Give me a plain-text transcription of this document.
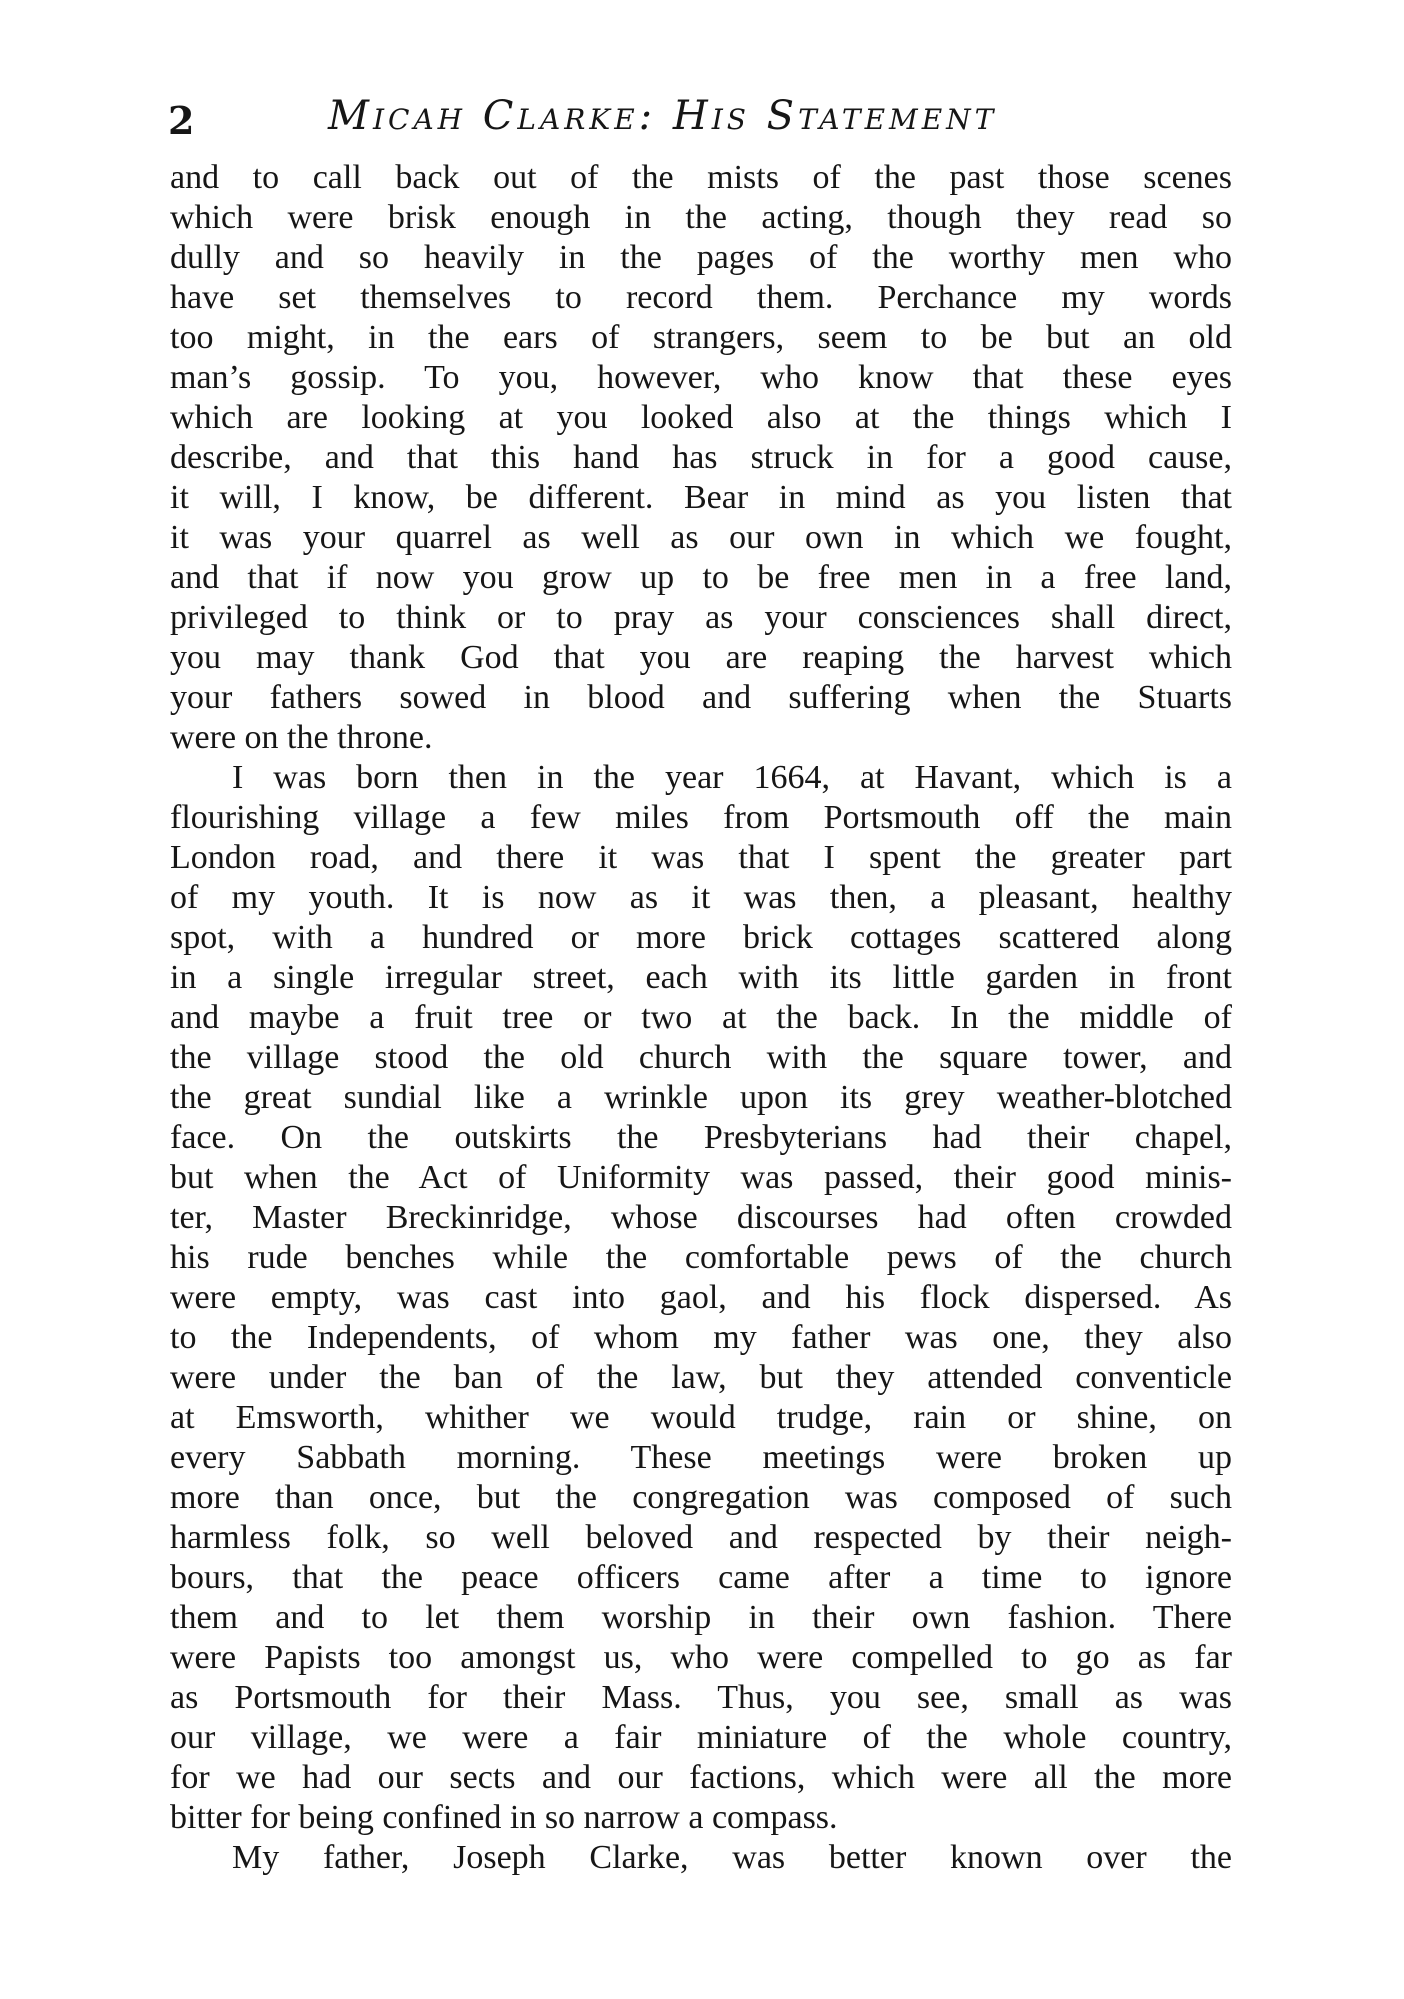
2	Micah Clarke: His Statement
and to call back out of the mists of the past those scenes
which were brisk enough in the acting, though they read so
dully and so heavily in the pages of the worthy men who
have set themselves to record them. Perchance my words
too might, in the ears of strangers, seem to be but an old
man’s gossip. To you, however, who know that these eyes
which are looking at you looked also at the things which I
describe, and that this hand has struck in for a good cause,
it will, I know, be different. Bear in mind as you listen that
it was your quarrel as well as our own in which we fought,
and that if now you grow up to be free men in a free land,
privileged to think or to pray as your consciences shall direct,
you may thank God that you are reaping the harvest which
your fathers sowed in blood and suffering when the Stuarts
were on the throne.
I was born then in the year 1664, at Havant, which is a
flourishing village a few miles from Portsmouth off the main
London road, and there it was that I spent the greater part
of my youth. It is now as it was then, a pleasant, healthy
spot, with a hundred or more brick cottages scattered along
in a single irregular street, each with its little garden in front
and maybe a fruit tree or two at the back. In the middle of
the village stood the old church with the square tower, and
the great sundial like a wrinkle upon its grey weather-blotched
face. On the outskirts the Presbyterians had their chapel,
but when the Act of Uniformity was passed, their good minis-
ter, Master Breckinridge, whose discourses had often crowded
his rude benches while the comfortable pews of the church
were empty, was cast into gaol, and his flock dispersed. As
to the Independents, of whom my father was one, they also
were under the ban of the law, but they attended conventicle
at Emsworth, whither we would trudge, rain or shine, on
every Sabbath morning. These meetings were broken up
more than once, but the congregation was composed of such
harmless folk, so well beloved and respected by their neigh-
bours, that the peace officers came after a time to ignore
them and to let them worship in their own fashion. There
were Papists too amongst us, who were compelled to go as far
as Portsmouth for their Mass. Thus, you see, small as was
our village, we were a fair miniature of the whole country,
for we had our sects and our factions, which were all the more
bitter for being confined in so narrow a compass.
My father, Joseph Clarke, was better known over the
